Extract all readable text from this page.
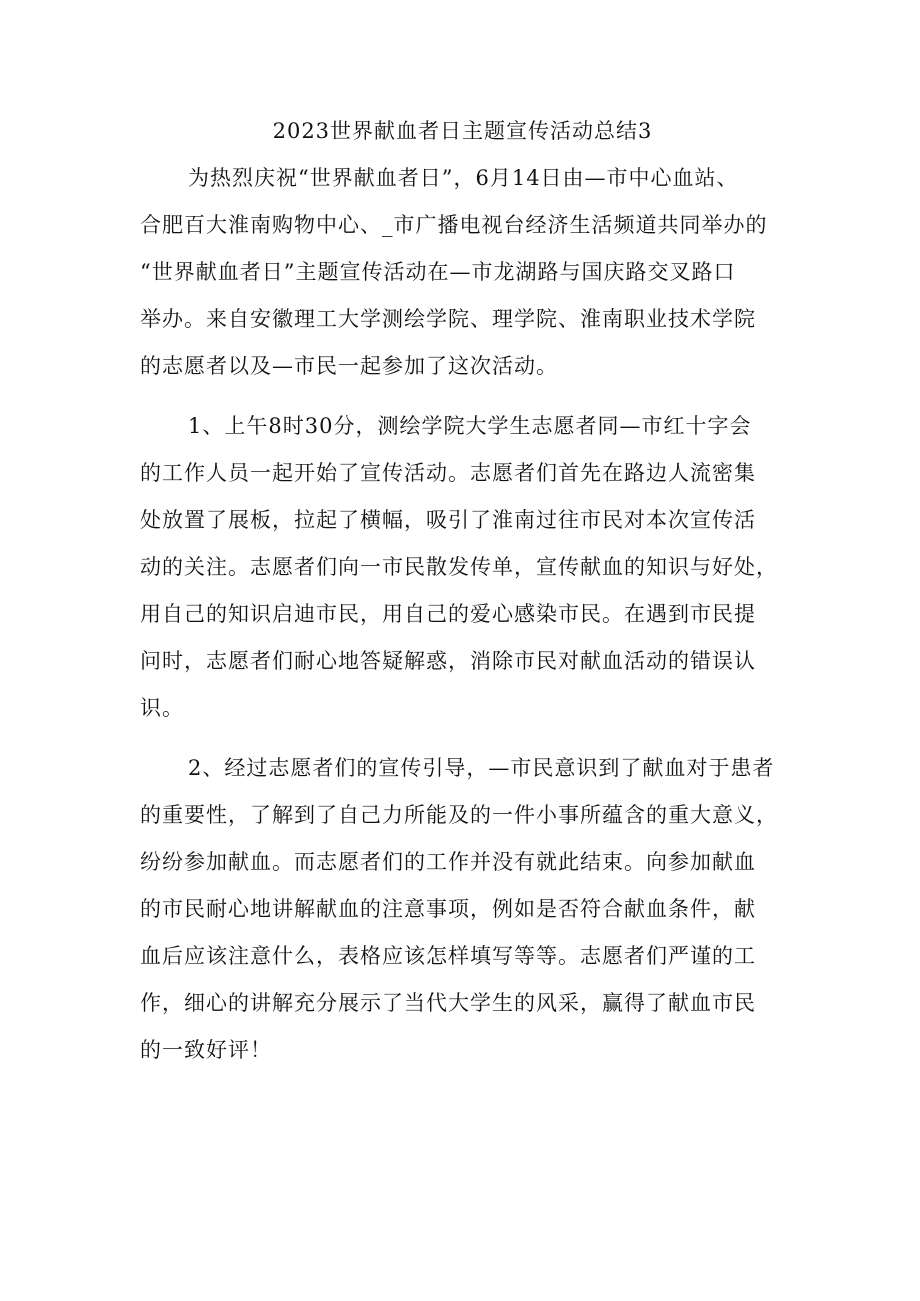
2023世界献血者日主题宣传活动总结3

为热烈庆祝“世界献血者日”，6月14日由—市中心血站、
合肥百大淮南购物中心、_市广播电视台经济生活频道共同举办的
“世界献血者日”主题宣传活动在—市龙湖路与国庆路交叉路口
举办。来自安徽理工大学测绘学院、理学院、淮南职业技术学院
的志愿者以及—市民一起参加了这次活动。

1、上午8时30分，测绘学院大学生志愿者同—市红十字会
的工作人员一起开始了宣传活动。志愿者们首先在路边人流密集
处放置了展板，拉起了横幅，吸引了淮南过往市民对本次宣传活
动的关注。志愿者们向一市民散发传单，宣传献血的知识与好处，
用自己的知识启迪市民，用自己的爱心感染市民。在遇到市民提
问时，志愿者们耐心地答疑解惑，消除市民对献血活动的错误认
识。

2、经过志愿者们的宣传引导，—市民意识到了献血对于患者
的重要性，了解到了自己力所能及的一件小事所蕴含的重大意义，
纷纷参加献血。而志愿者们的工作并没有就此结束。向参加献血
的市民耐心地讲解献血的注意事项，例如是否符合献血条件，献
血后应该注意什么，表格应该怎样填写等等。志愿者们严谨的工
作，细心的讲解充分展示了当代大学生的风采，赢得了献血市民
的一致好评！
